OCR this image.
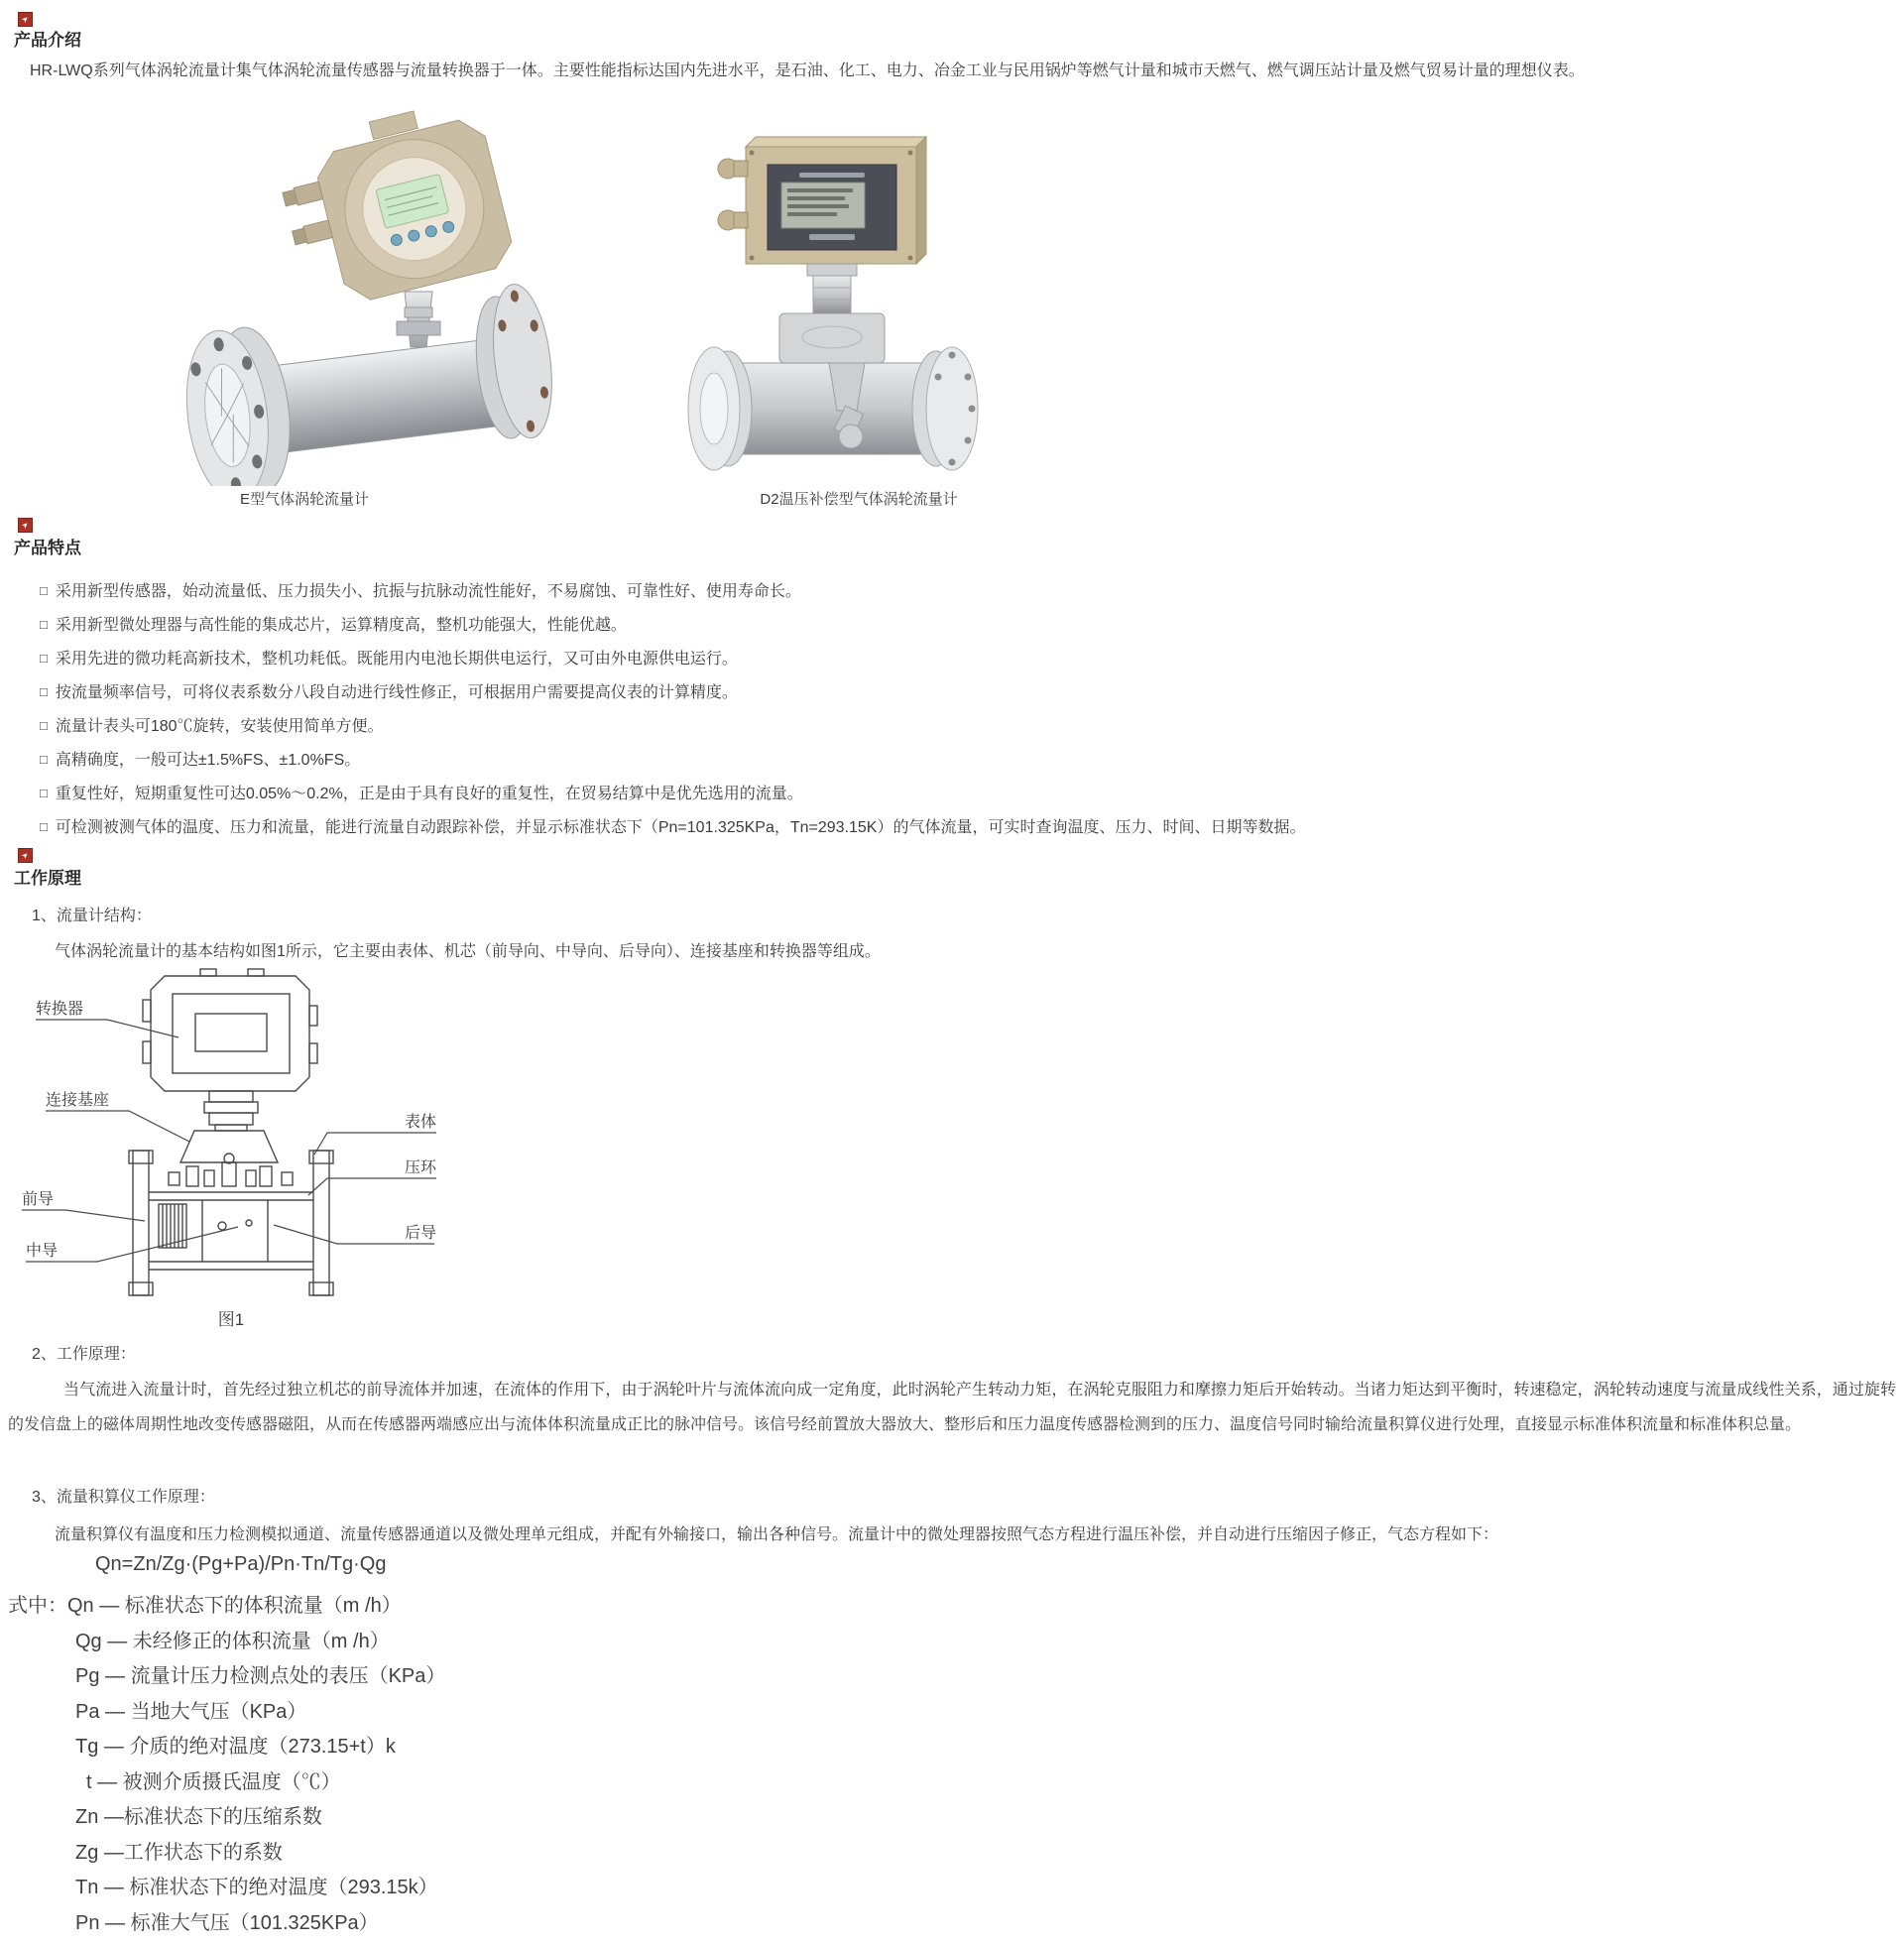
➤
产品介绍
HR-LWQ系列气体涡轮流量计集气体涡轮流量传感器与流量转换器于一体。主要性能指标达国内先进水平，是石油、化工、电力、冶金工业与民用锅炉等燃气计量和城市天燃气、燃气调压站计量及燃气贸易计量的理想仪表。
E型气体涡轮流量计	D2温压补偿型气体涡轮流量计
➤
产品特点
□ 采用新型传感器，始动流量低、压力损失小、抗振与抗脉动流性能好，不易腐蚀、可靠性好、使用寿命长。
□ 采用新型微处理器与高性能的集成芯片，运算精度高，整机功能强大，性能优越。
□ 采用先进的微功耗高新技术，整机功耗低。既能用内电池长期供电运行，又可由外电源供电运行。
□ 按流量频率信号，可将仪表系数分八段自动进行线性修正，可根据用户需要提高仪表的计算精度。
□ 流量计表头可180℃旋转，安装使用简单方便。
□ 高精确度，一般可达±1.5%FS、±1.0%FS。
□ 重复性好，短期重复性可达0.05%～0.2%，正是由于具有良好的重复性，在贸易结算中是优先选用的流量。
□ 可检测被测气体的温度、压力和流量，能进行流量自动跟踪补偿，并显示标准状态下（Pn=101.325KPa，Tn=293.15K）的气体流量，可实时查询温度、压力、时间、日期等数据。
➤
工作原理
1、流量计结构：
气体涡轮流量计的基本结构如图1所示，它主要由表体、机芯（前导向、中导向、后导向）、连接基座和转换器等组成。
转换器
连接基座
表体
压环
前导
中导
后导
图1
2、工作原理：
当气流进入流量计时，首先经过独立机芯的前导流体并加速，在流体的作用下，由于涡轮叶片与流体流向成一定角度，此时涡轮产生转动力矩，在涡轮克服阻力和摩擦力矩后开始转动。当诸力矩达到平衡时，转速稳定，涡轮转动速度与流量成线性关系，通过旋转的发信盘上的磁体周期性地改变传感器磁阻，从而在传感器两端感应出与流体体积流量成正比的脉冲信号。该信号经前置放大器放大、整形后和压力温度传感器检测到的压力、温度信号同时输给流量积算仪进行处理，直接显示标准体积流量和标准体积总量。
3、流量积算仪工作原理：
流量积算仪有温度和压力检测模拟通道、流量传感器通道以及微处理单元组成，并配有外输接口，输出各种信号。流量计中的微处理器按照气态方程进行温压补偿，并自动进行压缩因子修正，气态方程如下：
Qn=Zn/Zg·(Pg+Pa)/Pn·Tn/Tg·Qg
式中：Qn — 标准状态下的体积流量（m /h）
Qg — 未经修正的体积流量（m /h）
Pg — 流量计压力检测点处的表压（KPa）
Pa — 当地大气压（KPa）
Tg — 介质的绝对温度（273.15+t）k
t — 被测介质摄氏温度（℃）
Zn —标准状态下的压缩系数
Zg —工作状态下的系数
Tn — 标准状态下的绝对温度（293.15k）
Pn — 标准大气压（101.325KPa）
